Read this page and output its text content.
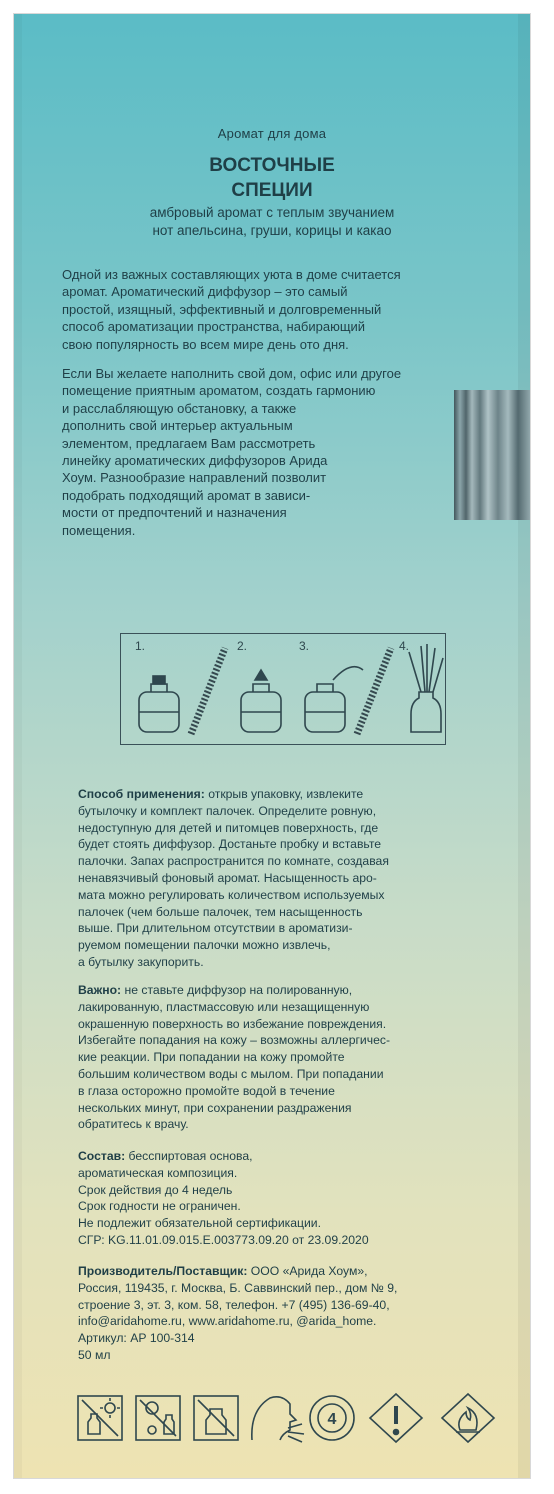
Аромат для дома
ВОСТОЧНЫЕ
СПЕЦИИ
амбровый аромат с теплым звучанием
нот апельсина, груши, корицы и какао
Одной из важных составляющих уюта в доме считается
аромат. Ароматический диффузор – это самый
простой, изящный, эффективный и долговременный
способ ароматизации пространства, набирающий
свою популярность во всем мире день ото дня.
Если Вы желаете наполнить свой дом, офис или другое
помещение приятным ароматом, создать гармонию
и расслабляющую обстановку, а также
дополнить свой интерьер актуальным
элементом, предлагаем Вам рассмотреть
линейку ароматических диффузоров Арида
Хоум. Разнообразие направлений позволит
подобрать подходящий аромат в зависи-
мости от предпочтений и назначения
помещения.
1.	2.	3.	4.
Способ применения: открыв упаковку, извлеките
бутылочку и комплект палочек. Определите ровную,
недоступную для детей и питомцев поверхность, где
будет стоять диффузор. Достаньте пробку и вставьте
палочки. Запах распространится по комнате, создавая
ненавязчивый фоновый аромат. Насыщенность аро-
мата можно регулировать количеством используемых
палочек (чем больше палочек, тем насыщенность
выше. При длительном отсутствии в ароматизи-
руемом помещении палочки можно извлечь,
а бутылку закупорить.
Важно: не ставьте диффузор на полированную,
лакированную, пластмассовую или незащищенную
окрашенную поверхность во избежание повреждения.
Избегайте попадания на кожу – возможны аллергичес-
кие реакции. При попадании на кожу промойте
большим количеством воды с мылом. При попадании
в глаза осторожно промойте водой в течение
нескольких минут, при сохранении раздражения
обратитесь к врачу.
Состав: бесспиртовая основа,
ароматическая композиция.
Срок действия до 4 недель
Срок годности не ограничен.
Не подлежит обязательной сертификации.
СГР: KG.11.01.09.015.Е.003773.09.20 от 23.09.2020
Производитель/Поставщик: ООО «Арида Хоум»,
Россия, 119435, г. Москва, Б. Саввинский пер., дом № 9,
строение 3, эт. 3, ком. 58, телефон. +7 (495) 136-69-40,
info@aridahome.ru, www.aridahome.ru, @arida_home.
Артикул: АР 100-314
50 мл
4
